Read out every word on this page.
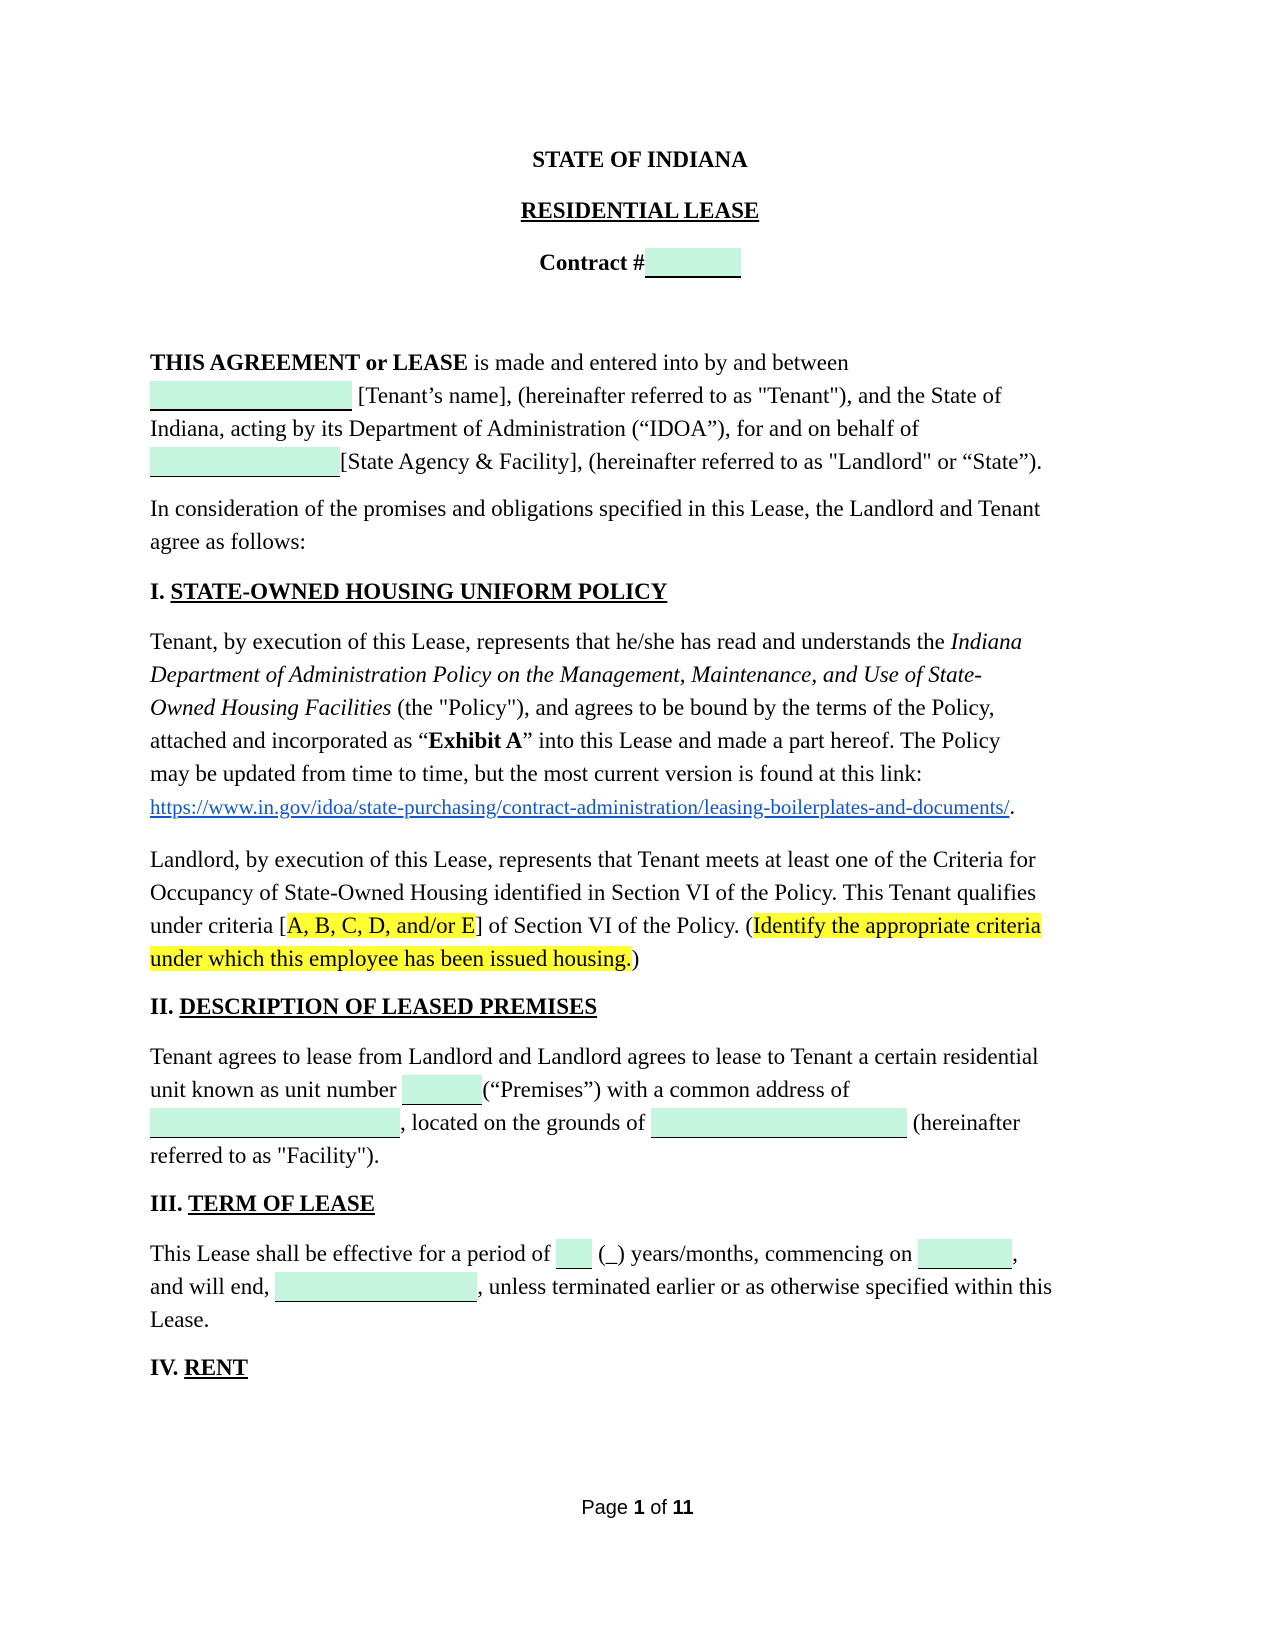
STATE OF INDIANA
RESIDENTIAL LEASE
Contract #
THIS AGREEMENT or LEASE is made and entered into by and between
[Tenant’s name], (hereinafter referred to as "Tenant"), and the State of
Indiana, acting by its Department of Administration (“IDOA”), for and on behalf of
[State Agency & Facility], (hereinafter referred to as "Landlord" or “State”).
In consideration of the promises and obligations specified in this Lease, the Landlord and Tenant
agree as follows:
I. STATE-OWNED HOUSING UNIFORM POLICY
Tenant, by execution of this Lease, represents that he/she has read and understands the Indiana
Department of Administration Policy on the Management, Maintenance, and Use of State-
Owned Housing Facilities (the "Policy"), and agrees to be bound by the terms of the Policy,
attached and incorporated as “Exhibit A” into this Lease and made a part hereof. The Policy
may be updated from time to time, but the most current version is found at this link:
https://www.in.gov/idoa/state-purchasing/contract-administration/leasing-boilerplates-and-documents/.
Landlord, by execution of this Lease, represents that Tenant meets at least one of the Criteria for
Occupancy of State-Owned Housing identified in Section VI of the Policy. This Tenant qualifies
under criteria [A, B, C, D, and/or E] of Section VI of the Policy. (Identify the appropriate criteria
under which this employee has been issued housing.)
II. DESCRIPTION OF LEASED PREMISES
Tenant agrees to lease from Landlord and Landlord agrees to lease to Tenant a certain residential
unit known as unit number	(“Premises”) with a common address of
, located on the grounds of	(hereinafter
referred to as "Facility").
III. TERM OF LEASE
This Lease shall be effective for a period of  (_) years/months, commencing on	,
and will end,	, unless terminated earlier or as otherwise specified within this
Lease.
IV. RENT
Page 1 of 11
